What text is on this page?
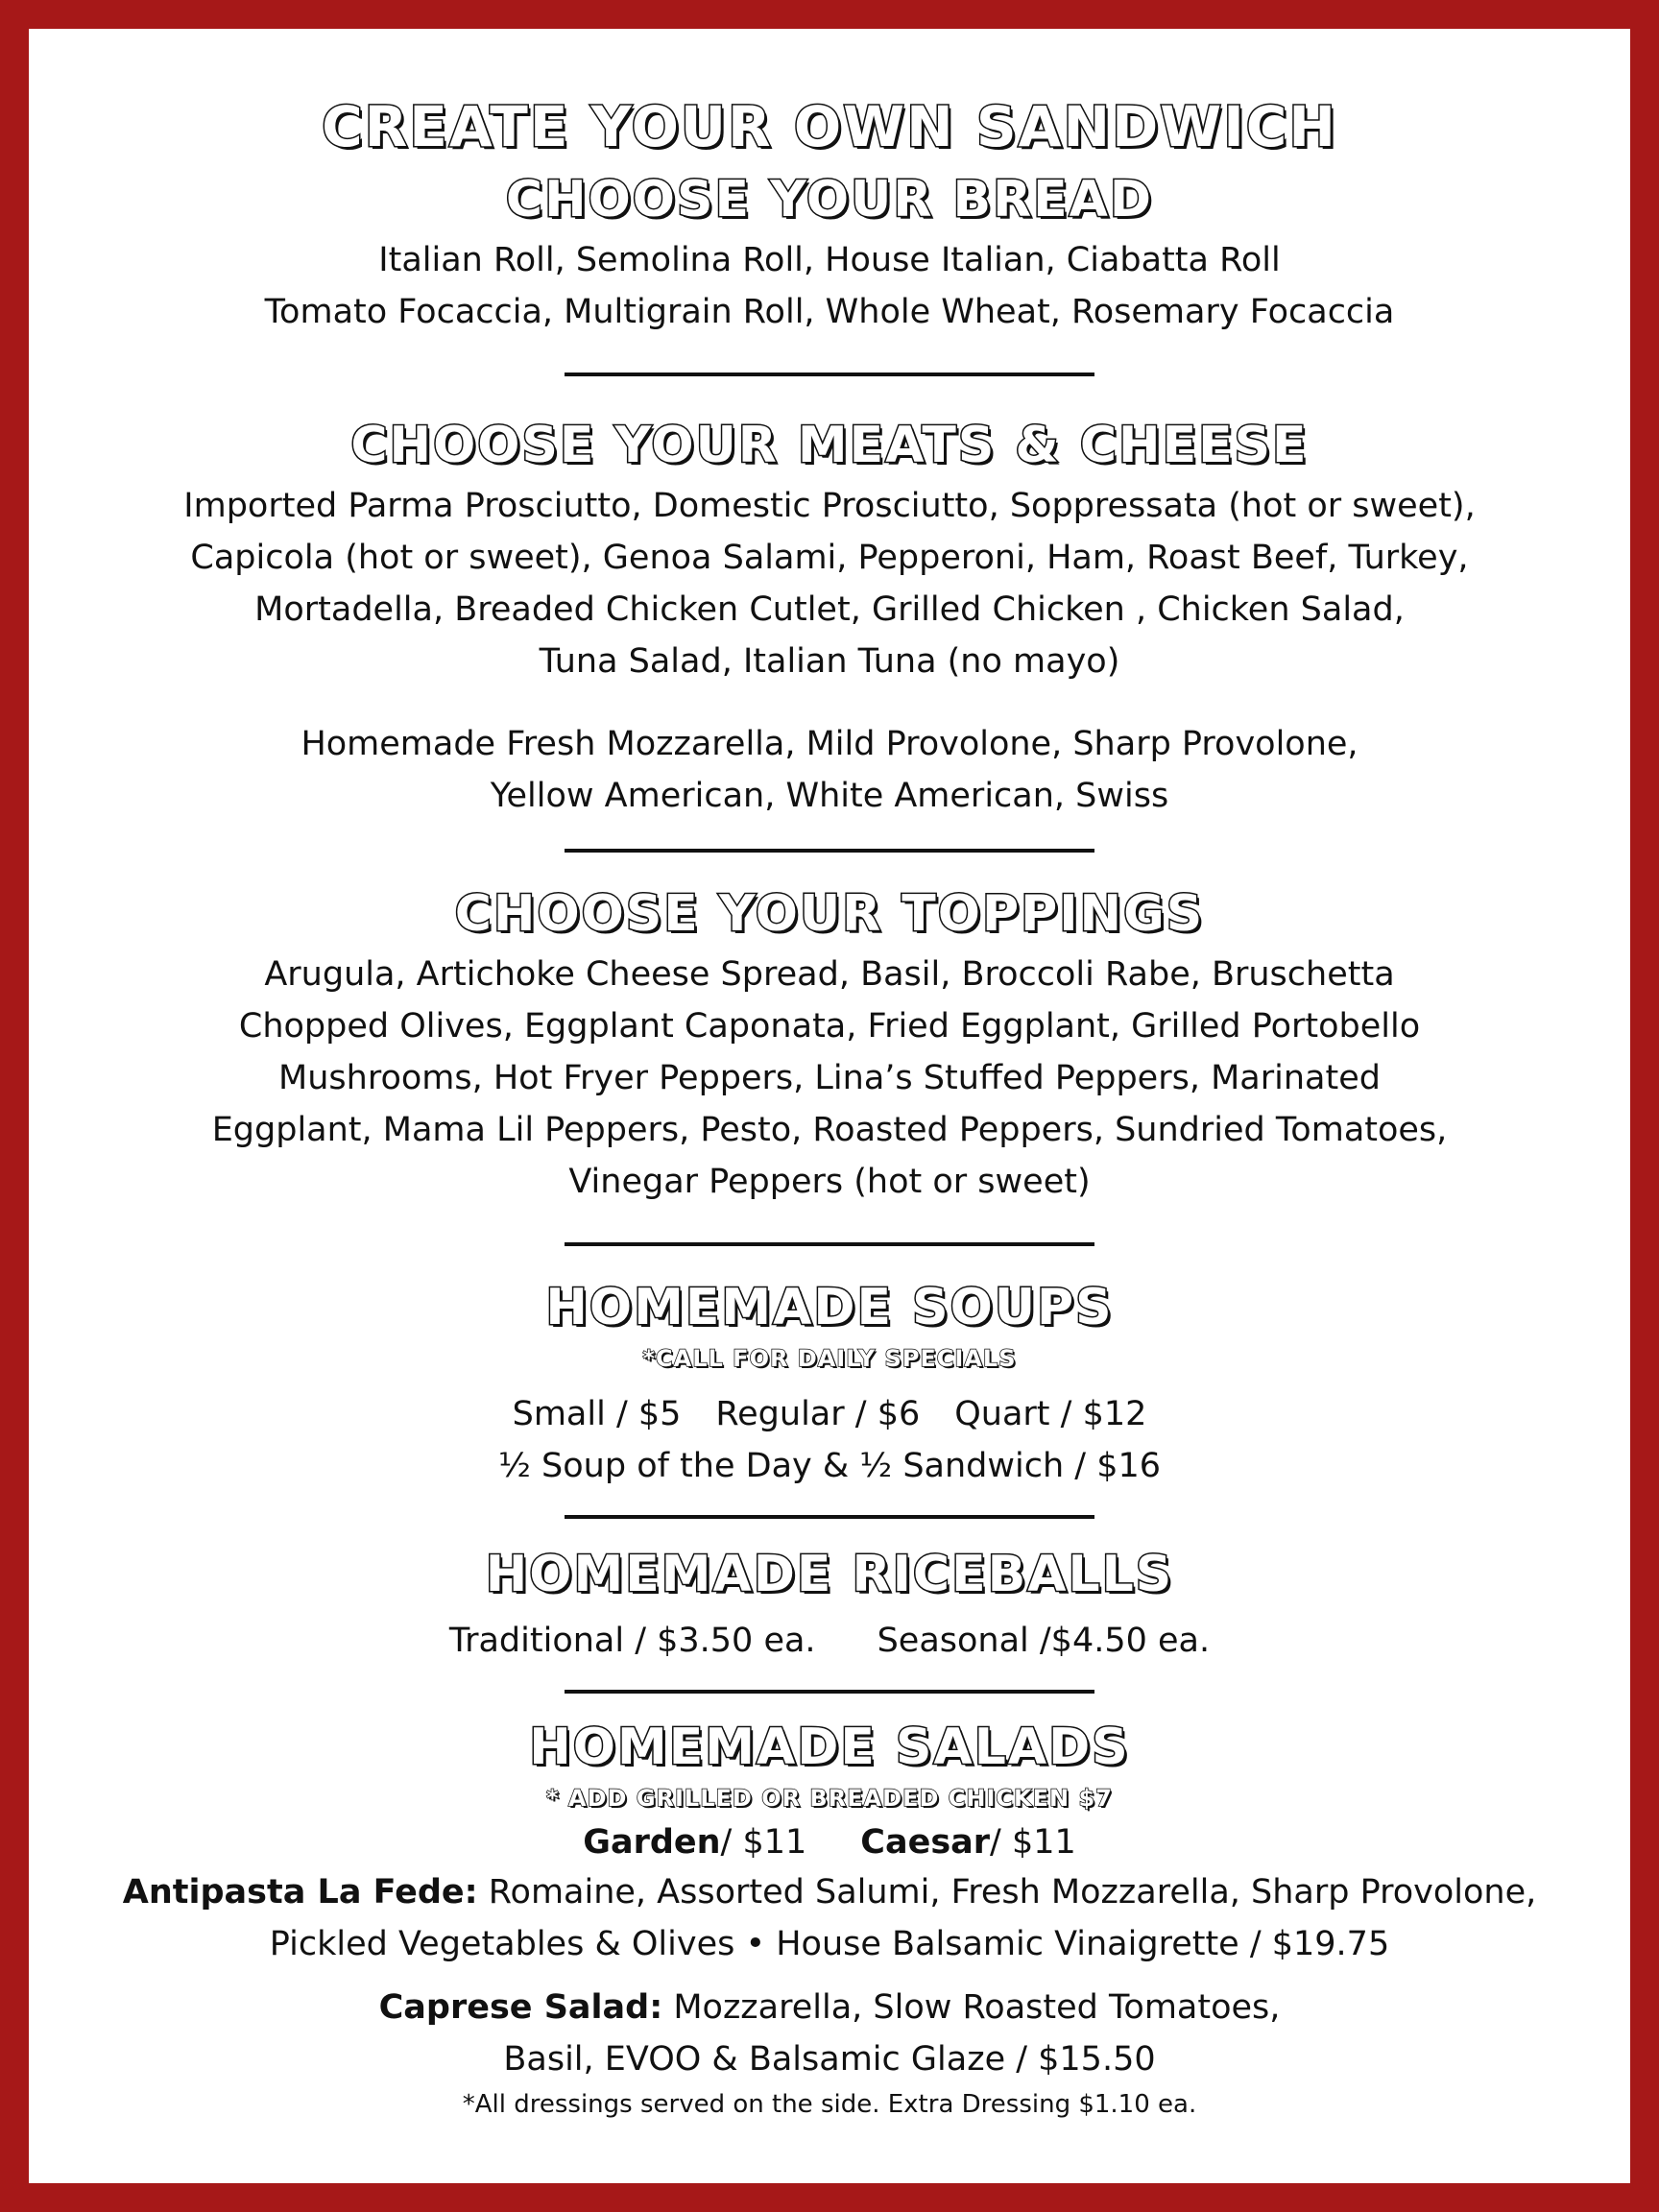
CREATE YOUR OWN SANDWICH
CHOOSE YOUR BREAD

Italian Roll, Semolina Roll, House Italian, Ciabatta Roll
Tomato Focaccia, Multigrain Roll, Whole Wheat, Rosemary Focaccia

CHOOSE YOUR MEATS & CHEESE

Imported Parma Prosciutto, Domestic Prosciutto, Soppressata (hot or sweet),
Capicola (hot or sweet), Genoa Salami, Pepperoni, Ham, Roast Beef, Turkey,
Mortadella, Breaded Chicken Cutlet, Grilled Chicken , Chicken Salad,
Tuna Salad, Italian Tuna (no mayo)

Homemade Fresh Mozzarella, Mild Provolone, Sharp Provolone,
Yellow American, White American, Swiss

CHOOSE YOUR TOPPINGS

Arugula, Artichoke Cheese Spread, Basil, Broccoli Rabe, Bruschetta
Chopped Olives, Eggplant Caponata, Fried Eggplant, Grilled Portobello
Mushrooms, Hot Fryer Peppers, Lina’s Stuffed Peppers, Marinated
Eggplant, Mama Lil Peppers, Pesto, Roasted Peppers, Sundried Tomatoes,
Vinegar Peppers (hot or sweet)

HOMEMADE SOUPS
*CALL FOR DAILY SPECIALS

Small / $5 Regular / $6 Quart / $12

½ Soup of the Day & ½ Sandwich / $16

HOMEMADE RICEBALLS

Traditional / $3.50 ea. Seasonal /$4.50 ea.

HOMEMADE SALADS
* ADD GRILLED OR BREADED CHICKEN $7

Garden/ $11 Caesar/ $11

Antipasta La Fede: Romaine, Assorted Salumi, Fresh Mozzarella, Sharp Provolone,
Pickled Vegetables & Olives • House Balsamic Vinaigrette / $19.75

Caprese Salad: Mozzarella, Slow Roasted Tomatoes,
Basil, EVOO & Balsamic Glaze / $15.50

*All dressings served on the side. Extra Dressing $1.10 ea.
